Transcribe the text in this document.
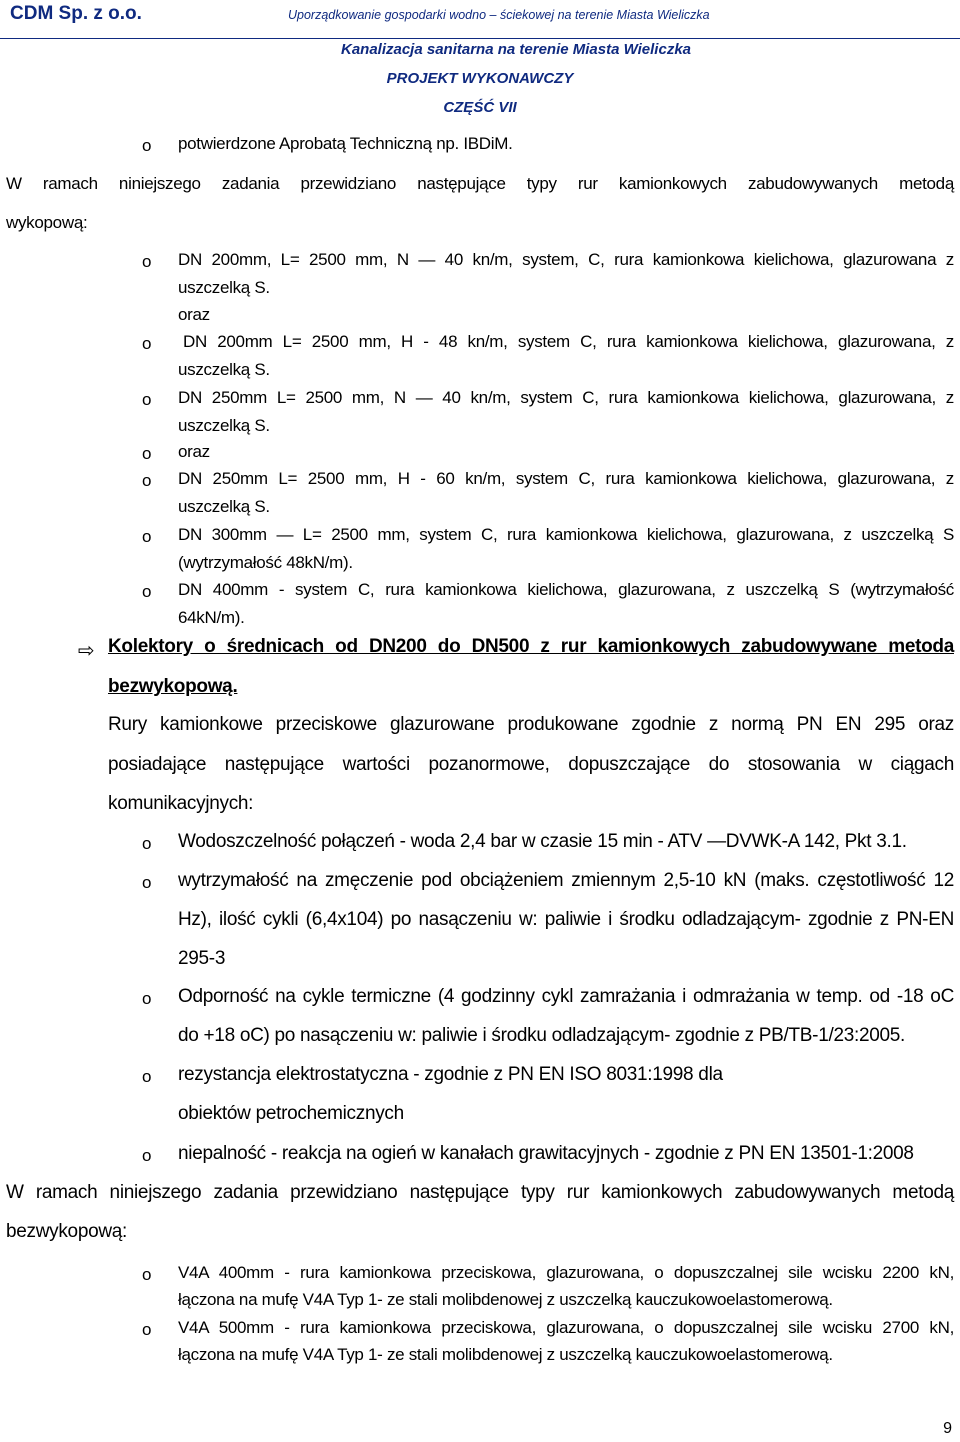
CDM Sp. z o.o.	Uporządkowanie gospodarki wodno – ściekowej na terenie Miasta Wieliczka
Kanalizacja sanitarna na terenie Miasta Wieliczka
PROJEKT WYKONAWCZY
CZĘŚĆ VII
o potwierdzone Aprobatą Techniczną np. IBDiM.
W ramach niniejszego zadania przewidziano następujące typy rur kamionkowych zabudowywanych metodą
wykopową:
o DN 200mm, L= 2500 mm, N — 40 kn/m, system, C, rura kamionkowa kielichowa, glazurowana z
uszczelką S.
oraz
o DN 200mm L= 2500 mm, H - 48 kn/m, system C, rura kamionkowa kielichowa, glazurowana, z
uszczelką S.
o DN 250mm L= 2500 mm, N — 40 kn/m, system C, rura kamionkowa kielichowa, glazurowana, z
uszczelką S.
o oraz
o DN 250mm L= 2500 mm, H - 60 kn/m, system C, rura kamionkowa kielichowa, glazurowana, z
uszczelką S.
o DN 300mm — L= 2500 mm, system C, rura kamionkowa kielichowa, glazurowana, z uszczelką S
(wytrzymałość 48kN/m).
o DN 400mm - system C, rura kamionkowa kielichowa, glazurowana, z uszczelką S (wytrzymałość
64kN/m).
⇨ Kolektory o średnicach od DN200 do DN500 z rur kamionkowych zabudowywane metoda
bezwykopową.
Rury kamionkowe przeciskowe glazurowane produkowane zgodnie z normą PN EN 295 oraz
posiadające następujące wartości pozanormowe, dopuszczające do stosowania w ciągach
komunikacyjnych:
o Wodoszczelność połączeń - woda 2,4 bar w czasie 15 min - ATV —DVWK-A 142, Pkt 3.1.
o wytrzymałość na zmęczenie pod obciążeniem zmiennym 2,5-10 kN (maks. częstotliwość 12
Hz), ilość cykli (6,4x104) po nasączeniu w: paliwie i środku odladzającym- zgodnie z PN-EN
295-3
o Odporność na cykle termiczne (4 godzinny cykl zamrażania i odmrażania w temp. od -18 oC
do +18 oC) po nasączeniu w: paliwie i środku odladzającym- zgodnie z PB/TB-1/23:2005.
o rezystancja elektrostatyczna - zgodnie z PN EN ISO 8031:1998 dla
obiektów petrochemicznych
o niepalność - reakcja na ogień w kanałach grawitacyjnych - zgodnie z PN EN 13501-1:2008
W ramach niniejszego zadania przewidziano następujące typy rur kamionkowych zabudowywanych metodą
bezwykopową:
o V4A 400mm - rura kamionkowa przeciskowa, glazurowana, o dopuszczalnej sile wcisku 2200 kN,
łączona na mufę V4A Typ 1- ze stali molibdenowej z uszczelką kauczukowoelastomerową.
o V4A 500mm - rura kamionkowa przeciskowa, glazurowana, o dopuszczalnej sile wcisku 2700 kN,
łączona na mufę V4A Typ 1- ze stali molibdenowej z uszczelką kauczukowoelastomerową.
9
